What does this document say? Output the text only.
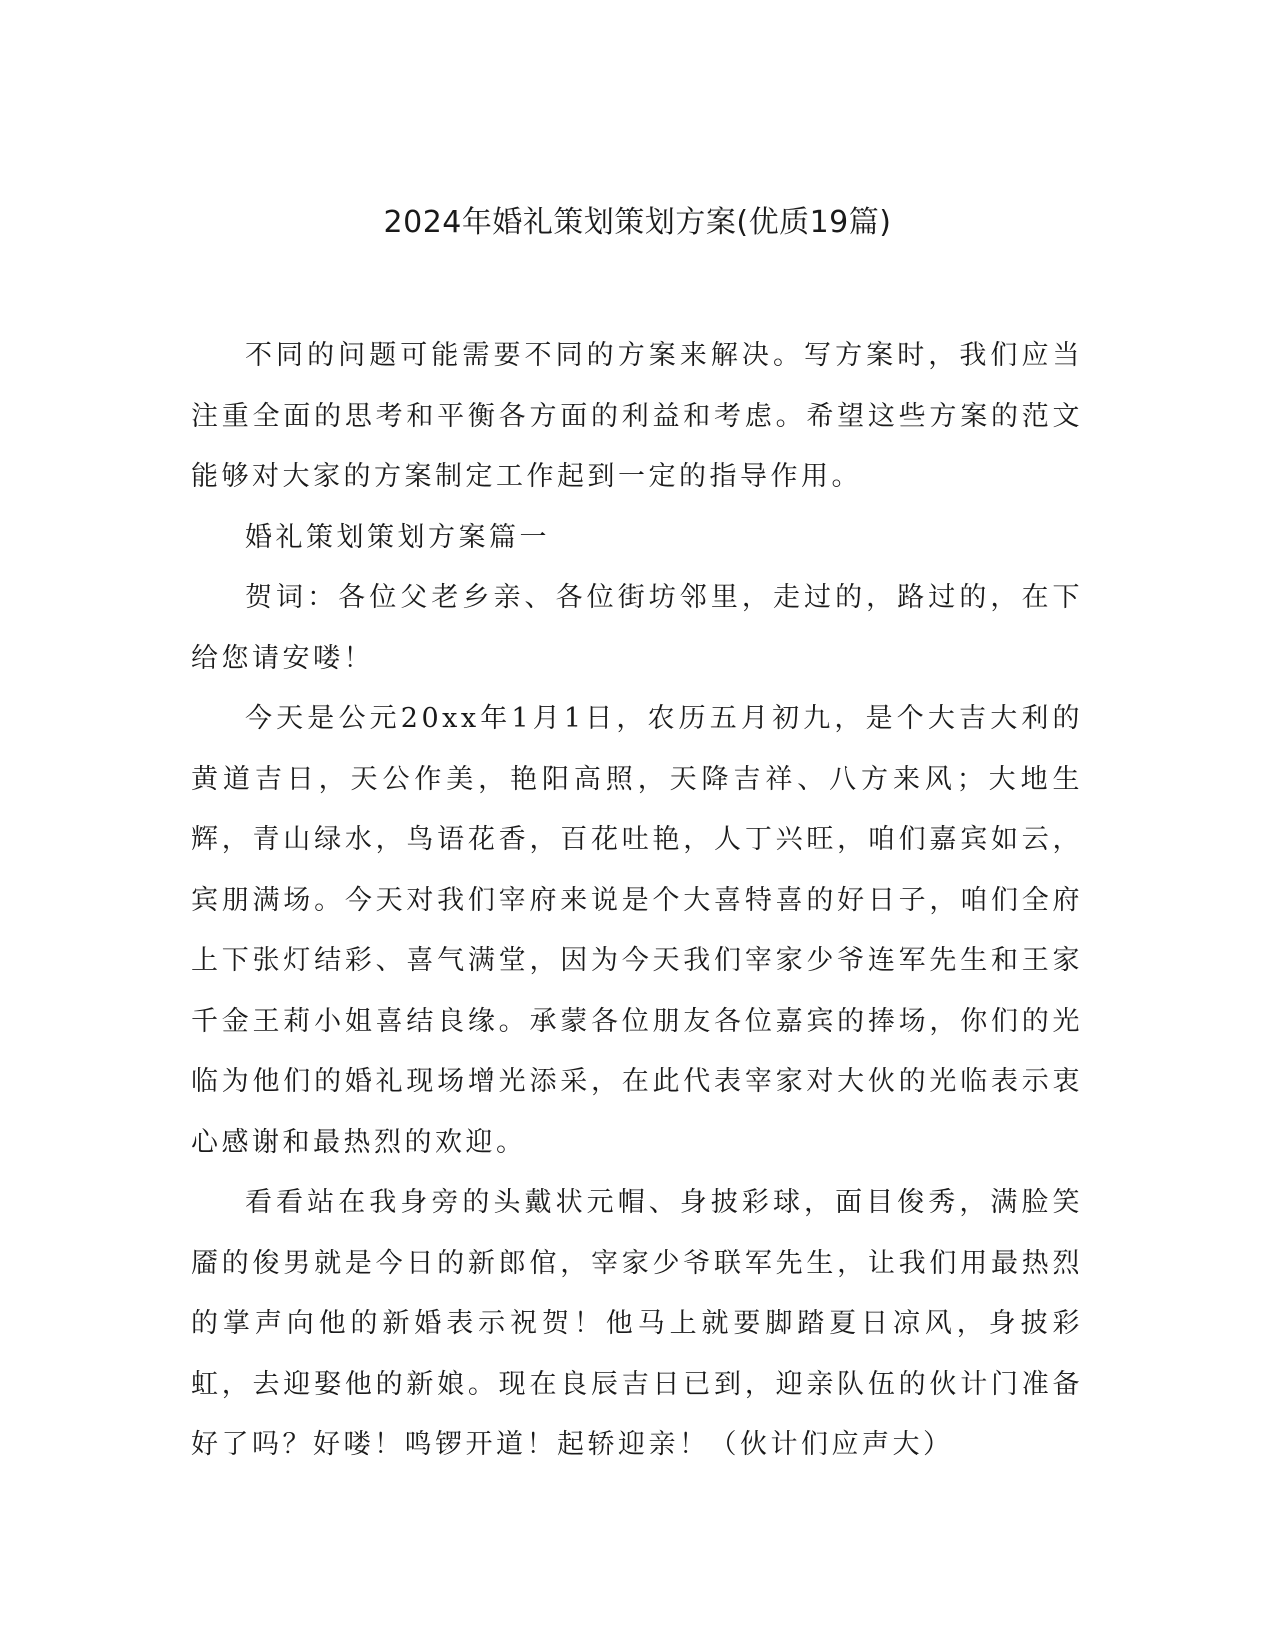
2024年婚礼策划策划方案(优质19篇)

不同的问题可能需要不同的方案来解决。写方案时，我们应当注重全面的思考和平衡各方面的利益和考虑。希望这些方案的范文能够对大家的方案制定工作起到一定的指导作用。

婚礼策划策划方案篇一

贺词：各位父老乡亲、各位街坊邻里，走过的，路过的，在下给您请安喽！

今天是公元20xx年1月1日，农历五月初九，是个大吉大利的黄道吉日，天公作美，艳阳高照，天降吉祥、八方来风；大地生辉，青山绿水，鸟语花香，百花吐艳，人丁兴旺，咱们嘉宾如云，宾朋满场。今天对我们宰府来说是个大喜特喜的好日子，咱们全府上下张灯结彩、喜气满堂，因为今天我们宰家少爷连军先生和王家千金王莉小姐喜结良缘。承蒙各位朋友各位嘉宾的捧场，你们的光临为他们的婚礼现场增光添采，在此代表宰家对大伙的光临表示衷心感谢和最热烈的欢迎。

看看站在我身旁的头戴状元帽、身披彩球，面目俊秀，满脸笑靥的俊男就是今日的新郎倌，宰家少爷联军先生，让我们用最热烈的掌声向他的新婚表示祝贺！他马上就要脚踏夏日凉风，身披彩虹，去迎娶他的新娘。现在良辰吉日已到，迎亲队伍的伙计门准备好了吗？好喽！鸣锣开道！起轿迎亲！（伙计们应声大）
